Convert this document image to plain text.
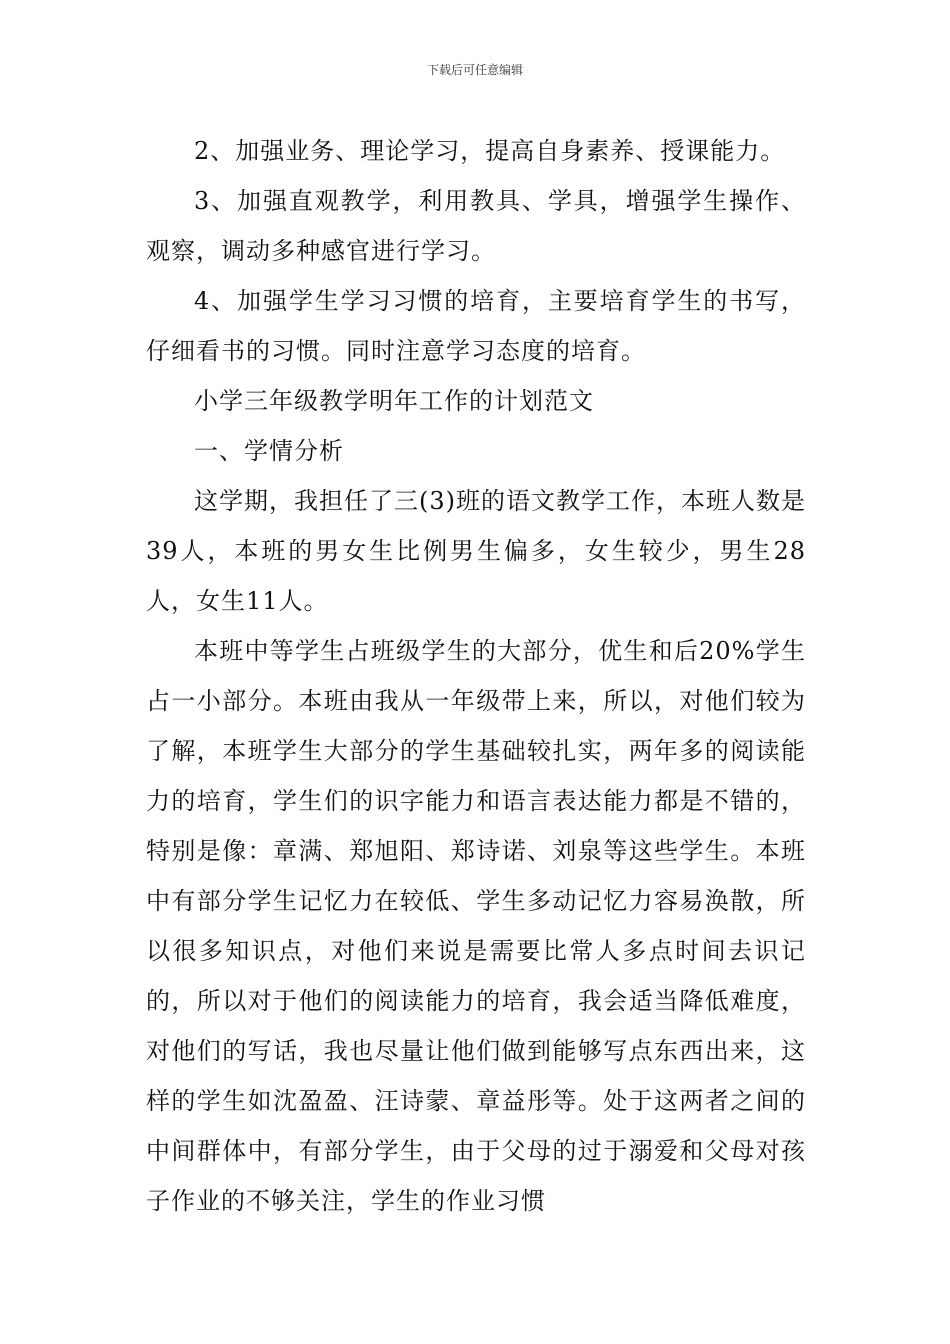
下载后可任意编辑

2、加强业务、理论学习，提高自身素养、授课能力。

3、加强直观教学，利用教具、学具，增强学生操作、观察，调动多种感官进行学习。

4、加强学生学习习惯的培育，主要培育学生的书写，仔细看书的习惯。同时注意学习态度的培育。

小学三年级教学明年工作的计划范文

一、学情分析

这学期，我担任了三(3)班的语文教学工作，本班人数是39人，本班的男女生比例男生偏多，女生较少，男生28人，女生11人。

本班中等学生占班级学生的大部分，优生和后20%学生占一小部分。本班由我从一年级带上来，所以，对他们较为了解，本班学生大部分的学生基础较扎实，两年多的阅读能力的培育，学生们的识字能力和语言表达能力都是不错的，特别是像：章满、郑旭阳、郑诗诺、刘泉等这些学生。本班中有部分学生记忆力在较低、学生多动记忆力容易涣散，所以很多知识点，对他们来说是需要比常人多点时间去识记的，所以对于他们的阅读能力的培育，我会适当降低难度，对他们的写话，我也尽量让他们做到能够写点东西出来，这样的学生如沈盈盈、汪诗蒙、章益彤等。处于这两者之间的中间群体中，有部分学生，由于父母的过于溺爱和父母对孩子作业的不够关注，学生的作业习惯
